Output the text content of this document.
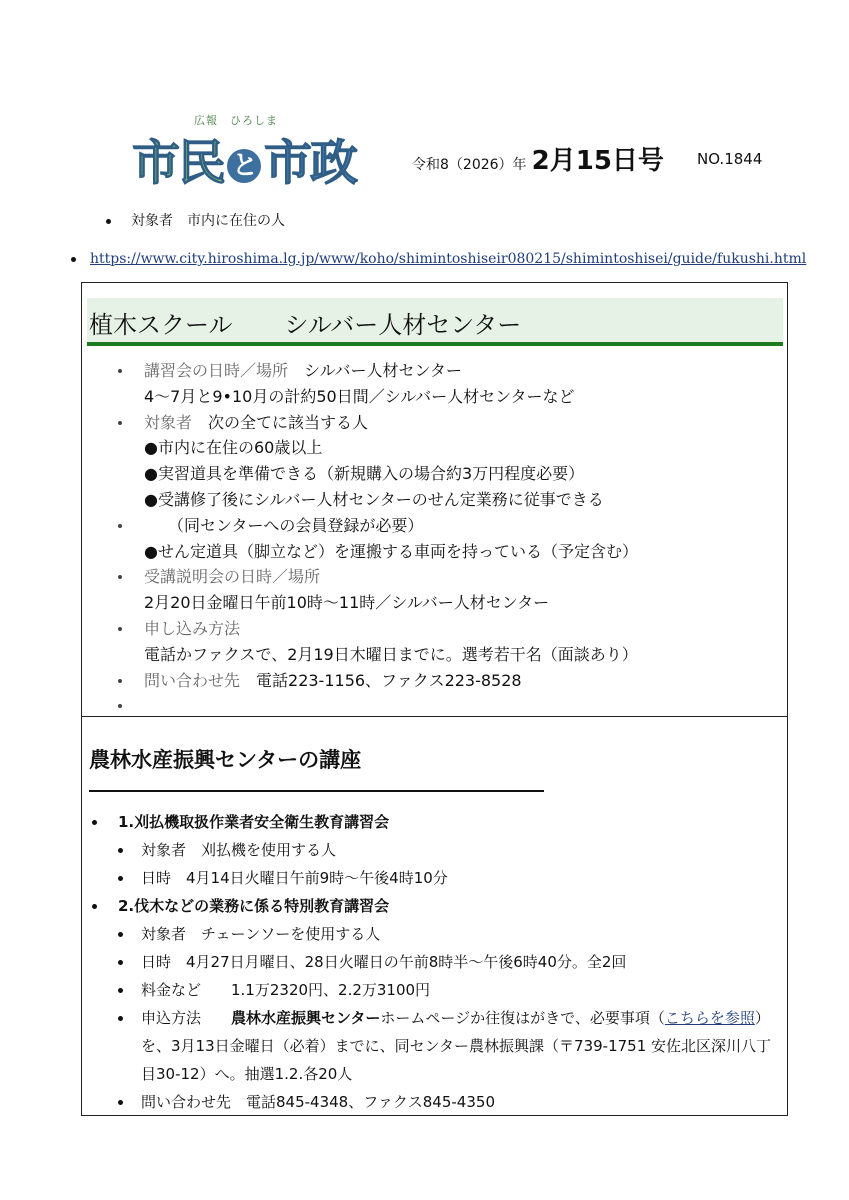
広報　ひろしま
市民 と 市政	令和8（2026）年 2月15日号 NO.1844
対象者　市内に在住の人
https://www.city.hiroshima.lg.jp/www/koho/shimintoshiseir080215/shimintoshisei/guide/fukushi.html
植木スクール シルバー人材センター
講習会の日時／場所　シルバー人材センター
4～7月と9•10月の計約50日間／シルバー人材センターなど
対象者　次の全てに該当する人
●市内に在住の60歳以上
●実習道具を準備できる（新規購入の場合約3万円程度必要）
●受講修了後にシルバー人材センターのせん定業務に従事できる
　　（同センターへの会員登録が必要）
●せん定道具（脚立など）を運搬する車両を持っている（予定含む）
受講説明会の日時／場所
2月20日金曜日午前10時～11時／シルバー人材センター
申し込み方法
電話かファクスで、2月19日木曜日までに。選考若干名（面談あり）
問い合わせ先　電話223-1156、ファクス223-8528
農林水産振興センターの講座
1.刈払機取扱作業者安全衛生教育講習会
対象者　刈払機を使用する人
日時　4月14日火曜日午前9時～午後4時10分
2.伐木などの業務に係る特別教育講習会
対象者　チェーンソーを使用する人
日時　4月27日月曜日、28日火曜日の午前8時半～午後6時40分。全2回
料金など　　1.1万2320円、2.2万3100円
申込方法　　農林水産振興センターホームページか往復はがきで、必要事項（こちらを参照）を、3月13日金曜日（必着）までに、同センター農林振興課（〒739-1751 安佐北区深川八丁目30-12）へ。抽選1.2.各20人
問い合わせ先　電話845-4348、ファクス845-4350
